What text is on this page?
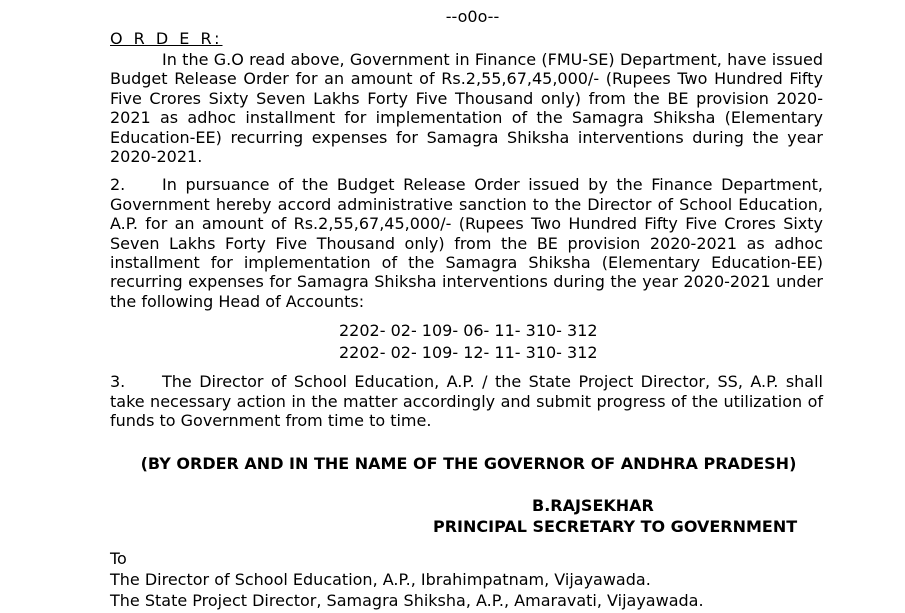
--o0o--
O R D E R:

In the G.O read above, Government in Finance (FMU-SE) Department, have issued Budget Release Order for an amount of Rs.2,55,67,45,000/- (Rupees Two Hundred Fifty Five Crores Sixty Seven Lakhs Forty Five Thousand only) from the BE provision 2020-2021 as adhoc installment for implementation of the Samagra Shiksha (Elementary Education-EE) recurring expenses for Samagra Shiksha interventions during the year 2020-2021.

2. In pursuance of the Budget Release Order issued by the Finance Department, Government hereby accord administrative sanction to the Director of School Education, A.P. for an amount of Rs.2,55,67,45,000/- (Rupees Two Hundred Fifty Five Crores Sixty Seven Lakhs Forty Five Thousand only) from the BE provision 2020-2021 as adhoc installment for implementation of the Samagra Shiksha (Elementary Education-EE) recurring expenses for Samagra Shiksha interventions during the year 2020-2021 under the following Head of Accounts:

2202- 02- 109- 06- 11- 310- 312
2202- 02- 109- 12- 11- 310- 312

3. The Director of School Education, A.P. / the State Project Director, SS, A.P. shall take necessary action in the matter accordingly and submit progress of the utilization of funds to Government from time to time.

(BY ORDER AND IN THE NAME OF THE GOVERNOR OF ANDHRA PRADESH)
B.RAJSEKHAR
PRINCIPAL SECRETARY TO GOVERNMENT
To
The Director of School Education, A.P., Ibrahimpatnam, Vijayawada.
The State Project Director, Samagra Shiksha, A.P., Amaravati, Vijayawada.
